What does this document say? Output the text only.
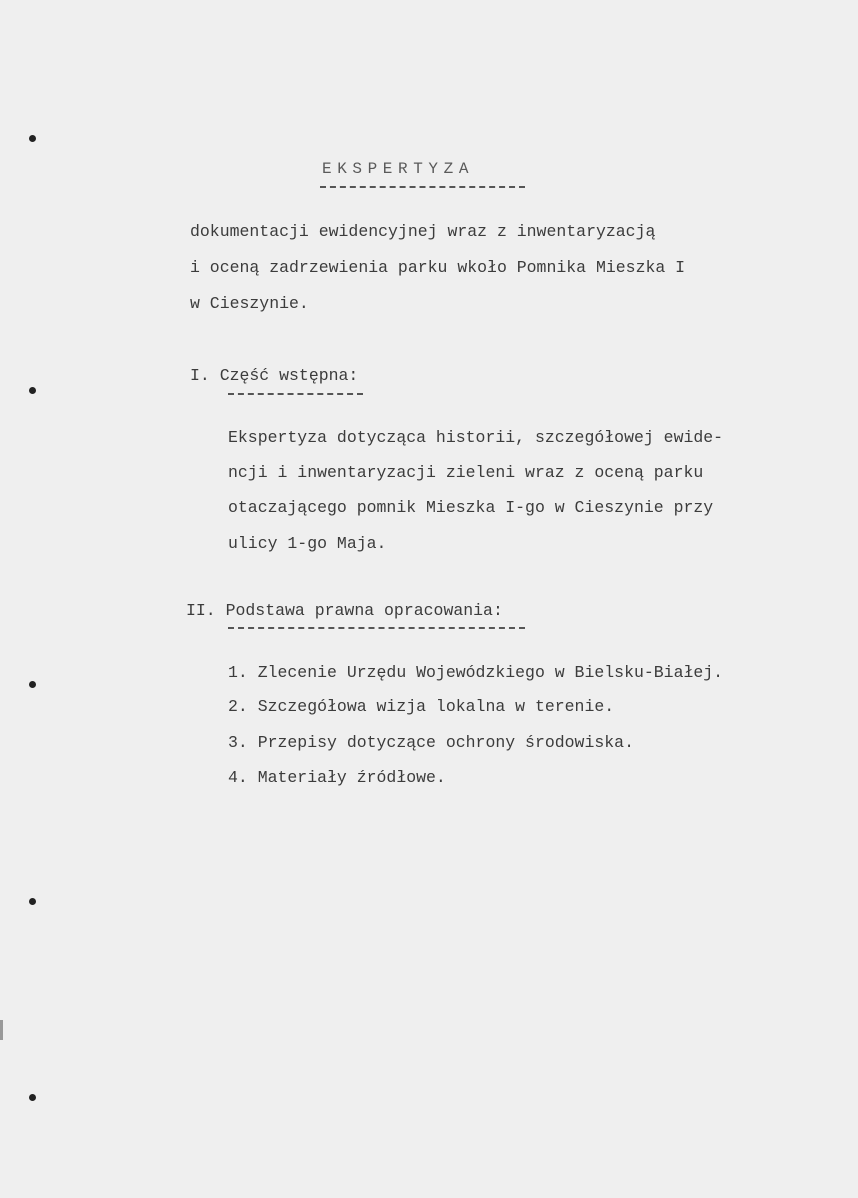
EKSPERTYZA
dokumentacji ewidencyjnej wraz z inwentaryzacją
i oceną zadrzewienia parku wkoło Pomnika Mieszka I
w Cieszynie.
I. Część wstępna:
Ekspertyza dotycząca historii, szczegółowej ewide-
ncji i inwentaryzacji zieleni wraz z oceną parku
otaczającego pomnik Mieszka I-go w Cieszynie przy
ulicy 1-go Maja.
II. Podstawa prawna opracowania:
1. Zlecenie Urzędu Wojewódzkiego w Bielsku-Białej.
2. Szczegółowa wizja lokalna w terenie.
3. Przepisy dotyczące ochrony środowiska.
4. Materiały źródłowe.
